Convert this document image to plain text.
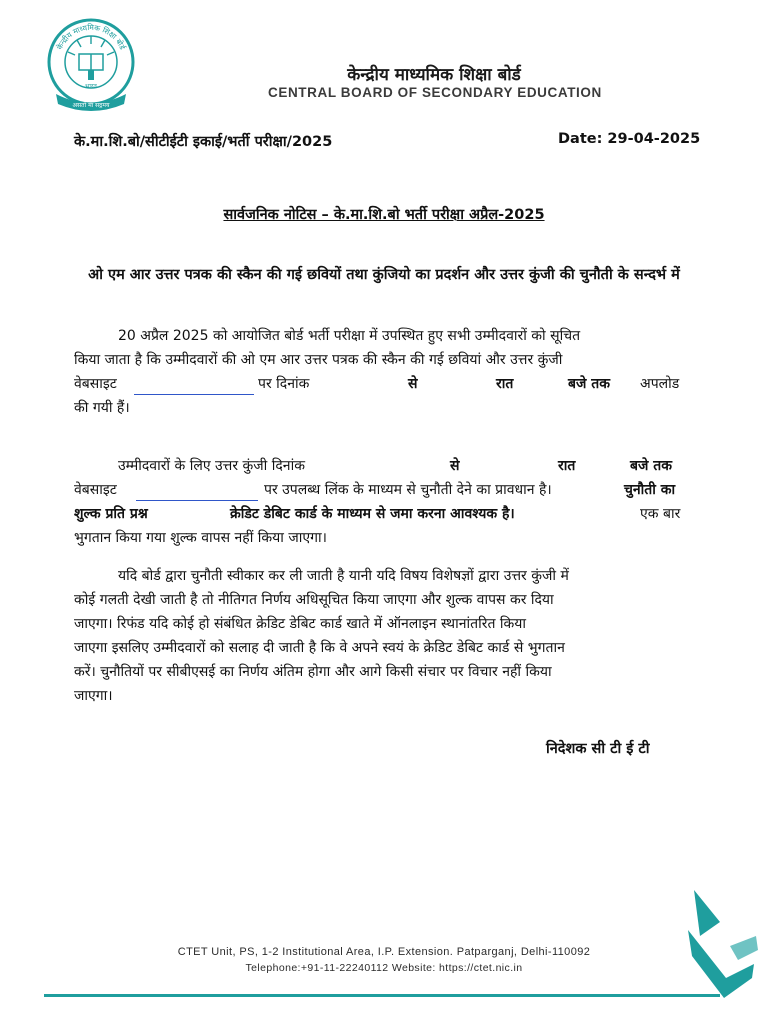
केन्द्रीय माध्यमिक शिक्षा बोर्ड
भारत
असतो मा सद्गमय
केन्द्रीय माध्यमिक शिक्षा बोर्ड
CENTRAL BOARD OF SECONDARY EDUCATION
के.मा.शि.बो/सीटीईटी इकाई/भर्ती परीक्षा/2025	Date: 29-04-2025
सार्वजनिक नोटिस – के.मा.शि.बो भर्ती परीक्षा अप्रैल-2025
ओ एम आर उत्तर पत्रक की स्कैन की गई छवियों तथा कुंजियो का प्रदर्शन और उत्तर कुंजी की चुनौती के सन्दर्भ में
20 अप्रैल 2025 को आयोजित बोर्ड भर्ती परीक्षा में उपस्थित हुए सभी उम्मीदवारों को सूचित
किया जाता है कि उम्मीदवारों की ओ एम आर उत्तर पत्रक की स्कैन की गई छवियां और उत्तर कुंजी
वेबसाइट	पर दिनांक	से	रात	बजे तक अपलोड
की गयी हैं।
उम्मीदवारों के लिए उत्तर कुंजी दिनांक	से	रात	बजे तक
वेबसाइट	पर उपलब्ध लिंक के माध्यम से चुनौती देने का प्रावधान है।	चुनौती का
शुल्क प्रति प्रश्न	क्रेडिट डेबिट कार्ड के माध्यम से जमा करना आवश्यक है।	एक बार
भुगतान किया गया शुल्क वापस नहीं किया जाएगा।
यदि बोर्ड द्वारा चुनौती स्वीकार कर ली जाती है यानी यदि विषय विशेषज्ञों द्वारा उत्तर कुंजी में
कोई गलती देखी जाती है तो नीतिगत निर्णय अधिसूचित किया जाएगा और शुल्क वापस कर दिया
जाएगा। रिफंड यदि कोई हो संबंधित क्रेडिट डेबिट कार्ड खाते में ऑनलाइन स्थानांतरित किया
जाएगा इसलिए उम्मीदवारों को सलाह दी जाती है कि वे अपने स्वयं के क्रेडिट डेबिट कार्ड से भुगतान
करें। चुनौतियों पर सीबीएसई का निर्णय अंतिम होगा और आगे किसी संचार पर विचार नहीं किया
जाएगा।
निदेशक सी टी ई टी
CTET Unit, PS, 1-2 Institutional Area, I.P. Extension. Patparganj, Delhi-110092
Telephone:+91-11-22240112 Website: https://ctet.nic.in
